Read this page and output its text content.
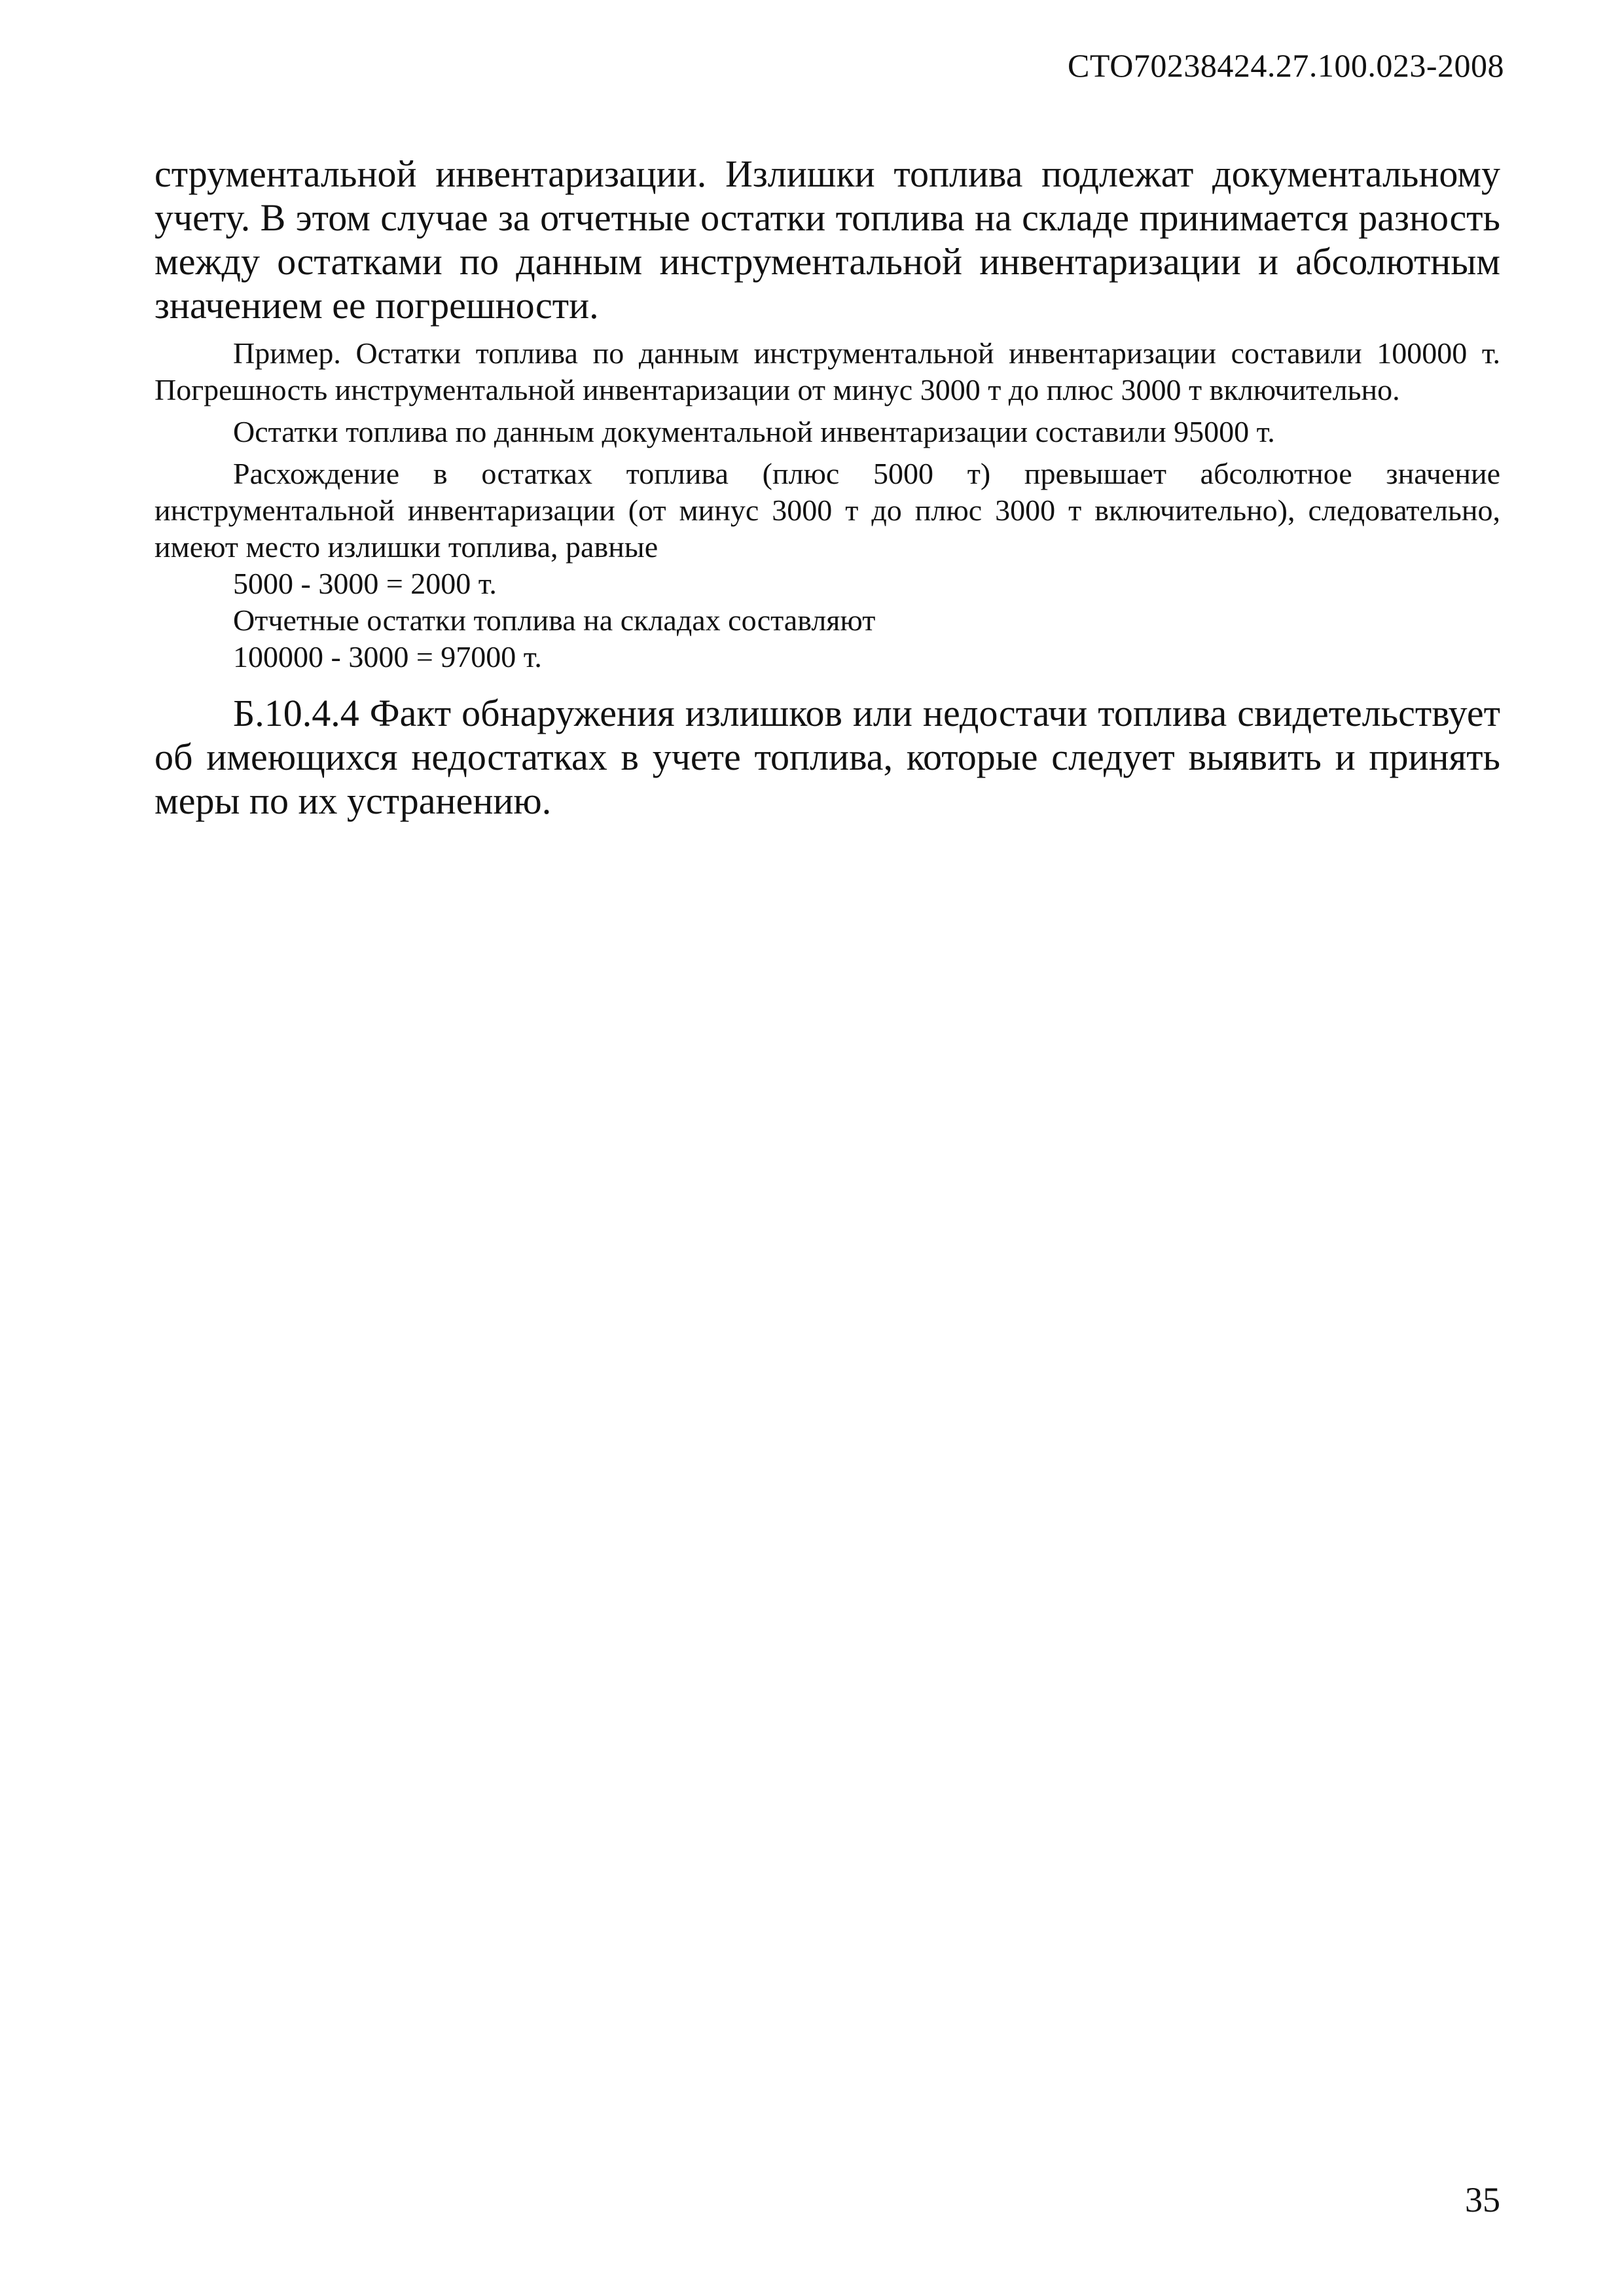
СТО70238424.27.100.023-2008

струментальной инвентаризации. Излишки топлива подлежат документальному учету. В этом случае за отчетные остатки топлива на складе принимается разность между остатками по данным инструментальной инвентаризации и абсолютным значением ее погрешности.

Пример. Остатки топлива по данным инструментальной инвентаризации составили 100000 т. Погрешность инструментальной инвентаризации от минус 3000 т до плюс 3000 т включительно.

Остатки топлива по данным документальной инвентаризации составили 95000 т.

Расхождение в остатках топлива (плюс 5000 т) превышает абсолютное значение инструментальной инвентаризации (от минус 3000 т до плюс 3000 т включительно), следовательно, имеют место излишки топлива, равные

5000 - 3000 = 2000 т.

Отчетные остатки топлива на складах составляют

100000 - 3000 = 97000 т.

Б.10.4.4 Факт обнаружения излишков или недостачи топлива свидетельствует об имеющихся недостатках в учете топлива, которые следует выявить и принять меры по их устранению.

35
